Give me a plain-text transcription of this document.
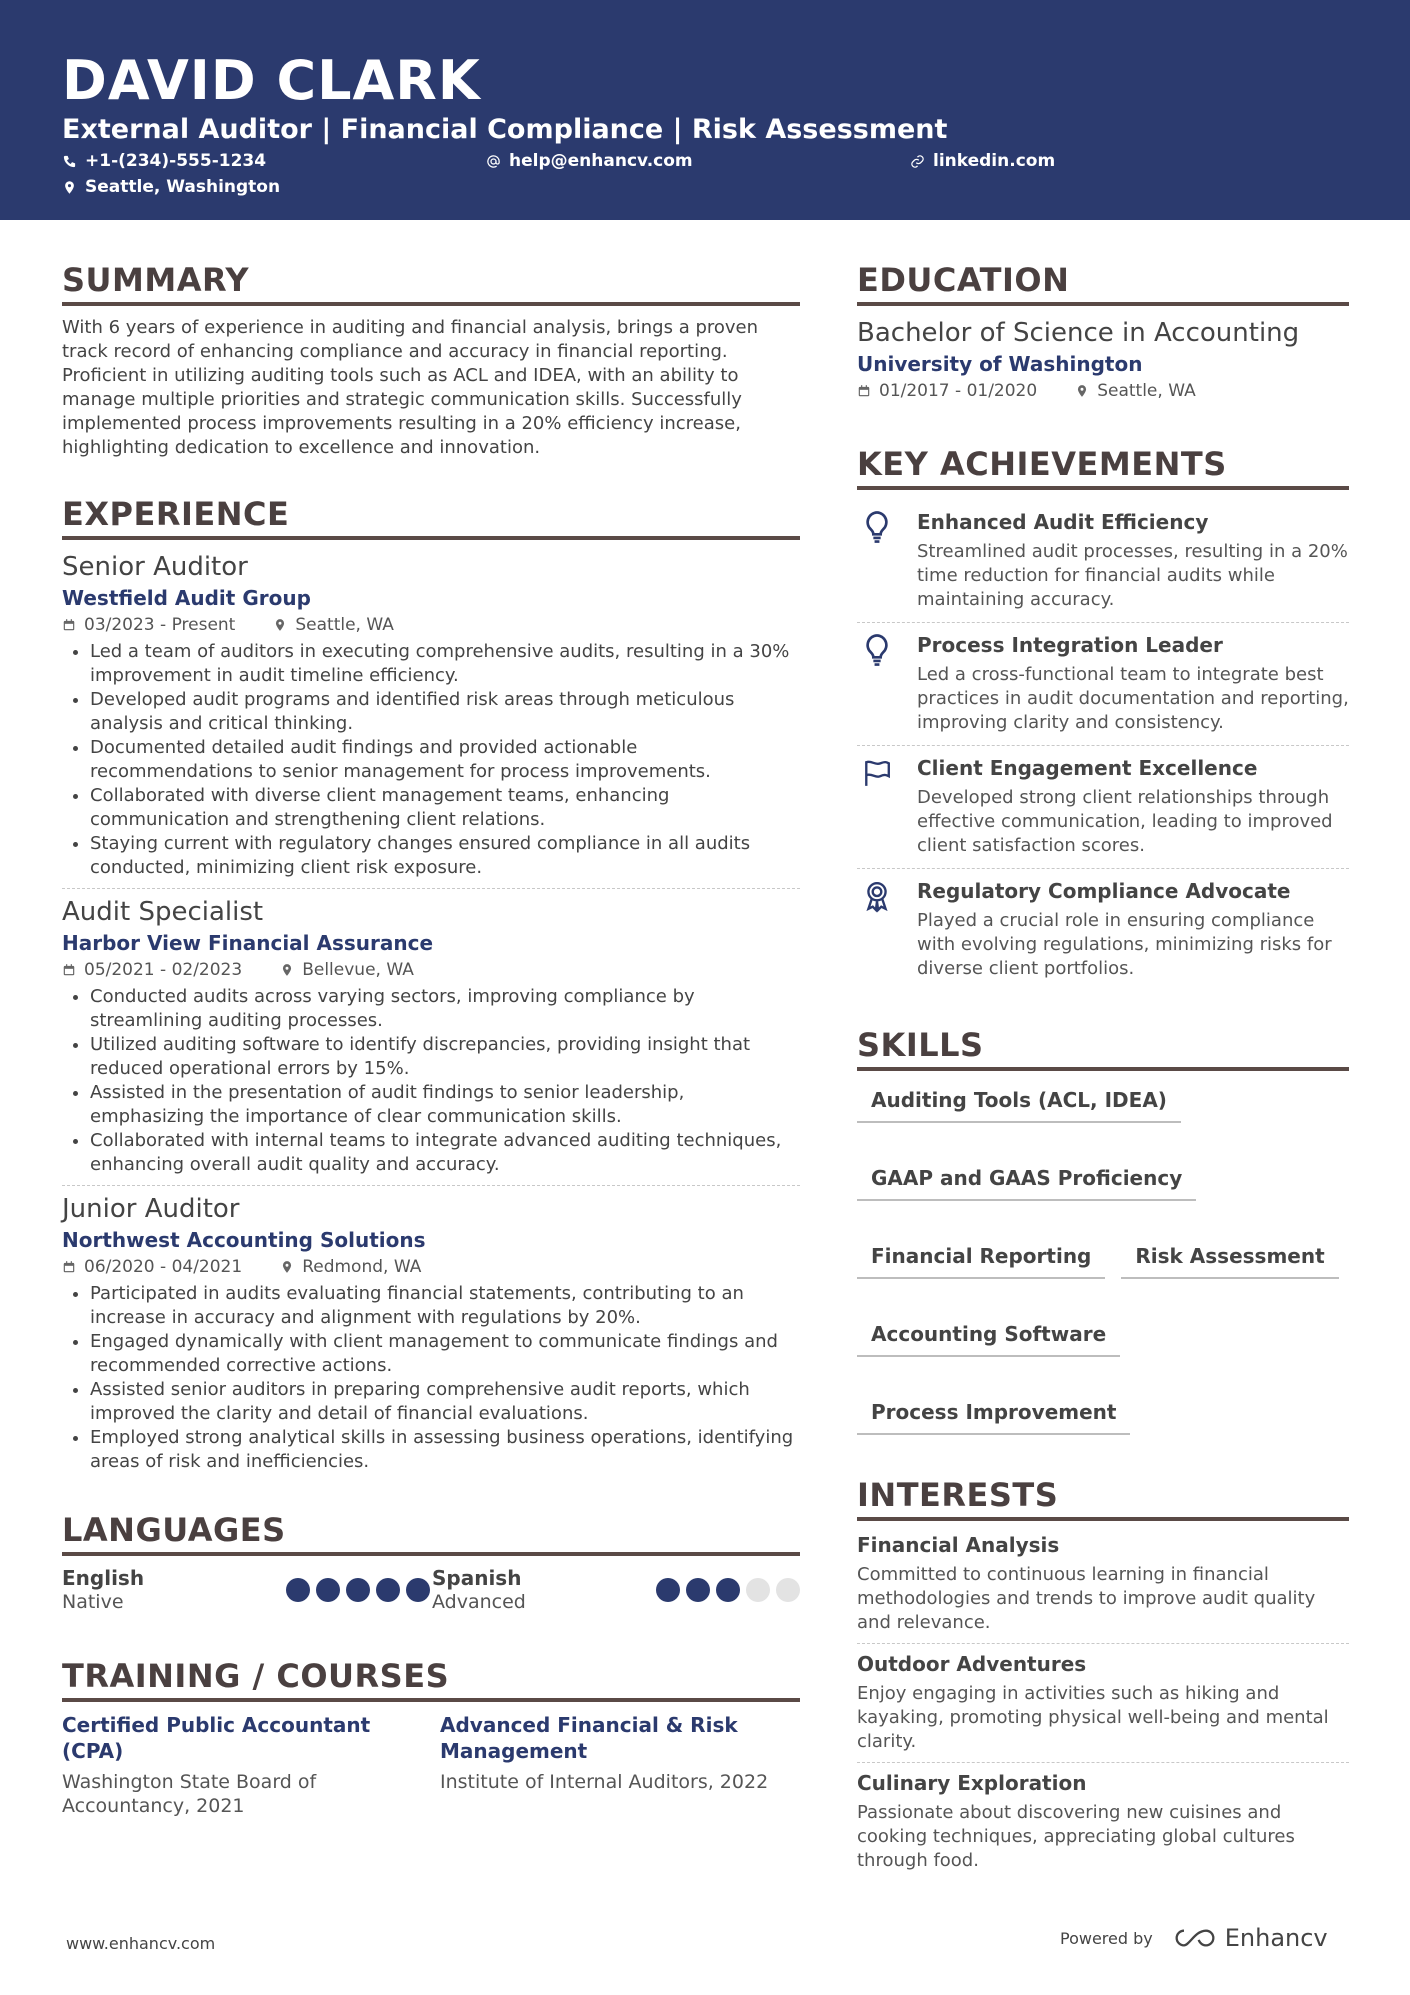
DAVID CLARK
External Auditor | Financial Compliance | Risk Assessment
+1-(234)-555-1234	help@enhancv.com	linkedin.com
Seattle, Washington
SUMMARY
With 6 years of experience in auditing and financial analysis, brings a proven track record of enhancing compliance and accuracy in financial reporting. Proficient in utilizing auditing tools such as ACL and IDEA, with an ability to manage multiple priorities and strategic communication skills. Successfully implemented process improvements resulting in a 20% efficiency increase, highlighting dedication to excellence and innovation.
EXPERIENCE
Senior Auditor
Westfield Audit Group
03/2023 - Present	Seattle, WA
• Led a team of auditors in executing comprehensive audits, resulting in a 30% improvement in audit timeline efficiency.
• Developed audit programs and identified risk areas through meticulous analysis and critical thinking.
• Documented detailed audit findings and provided actionable recommendations to senior management for process improvements.
• Collaborated with diverse client management teams, enhancing communication and strengthening client relations.
• Staying current with regulatory changes ensured compliance in all audits conducted, minimizing client risk exposure.
Audit Specialist
Harbor View Financial Assurance
05/2021 - 02/2023	Bellevue, WA
• Conducted audits across varying sectors, improving compliance by streamlining auditing processes.
• Utilized auditing software to identify discrepancies, providing insight that reduced operational errors by 15%.
• Assisted in the presentation of audit findings to senior leadership, emphasizing the importance of clear communication skills.
• Collaborated with internal teams to integrate advanced auditing techniques, enhancing overall audit quality and accuracy.
Junior Auditor
Northwest Accounting Solutions
06/2020 - 04/2021	Redmond, WA
• Participated in audits evaluating financial statements, contributing to an increase in accuracy and alignment with regulations by 20%.
• Engaged dynamically with client management to communicate findings and recommended corrective actions.
• Assisted senior auditors in preparing comprehensive audit reports, which improved the clarity and detail of financial evaluations.
• Employed strong analytical skills in assessing business operations, identifying areas of risk and inefficiencies.
LANGUAGES
English
Native
Spanish
Advanced
TRAINING / COURSES
Certified Public Accountant (CPA)
Washington State Board of Accountancy, 2021
Advanced Financial & Risk Management
Institute of Internal Auditors, 2022
EDUCATION
Bachelor of Science in Accounting
University of Washington
01/2017 - 01/2020	Seattle, WA
KEY ACHIEVEMENTS
Enhanced Audit Efficiency
Streamlined audit processes, resulting in a 20% time reduction for financial audits while maintaining accuracy.
Process Integration Leader
Led a cross-functional team to integrate best practices in audit documentation and reporting, improving clarity and consistency.
Client Engagement Excellence
Developed strong client relationships through effective communication, leading to improved client satisfaction scores.
Regulatory Compliance Advocate
Played a crucial role in ensuring compliance with evolving regulations, minimizing risks for diverse client portfolios.
SKILLS
Auditing Tools (ACL, IDEA)
GAAP and GAAS Proficiency
Financial Reporting	Risk Assessment
Accounting Software
Process Improvement
INTERESTS
Financial Analysis
Committed to continuous learning in financial methodologies and trends to improve audit quality and relevance.
Outdoor Adventures
Enjoy engaging in activities such as hiking and kayaking, promoting physical well-being and mental clarity.
Culinary Exploration
Passionate about discovering new cuisines and cooking techniques, appreciating global cultures through food.
www.enhancv.com	Powered by	Enhancv
